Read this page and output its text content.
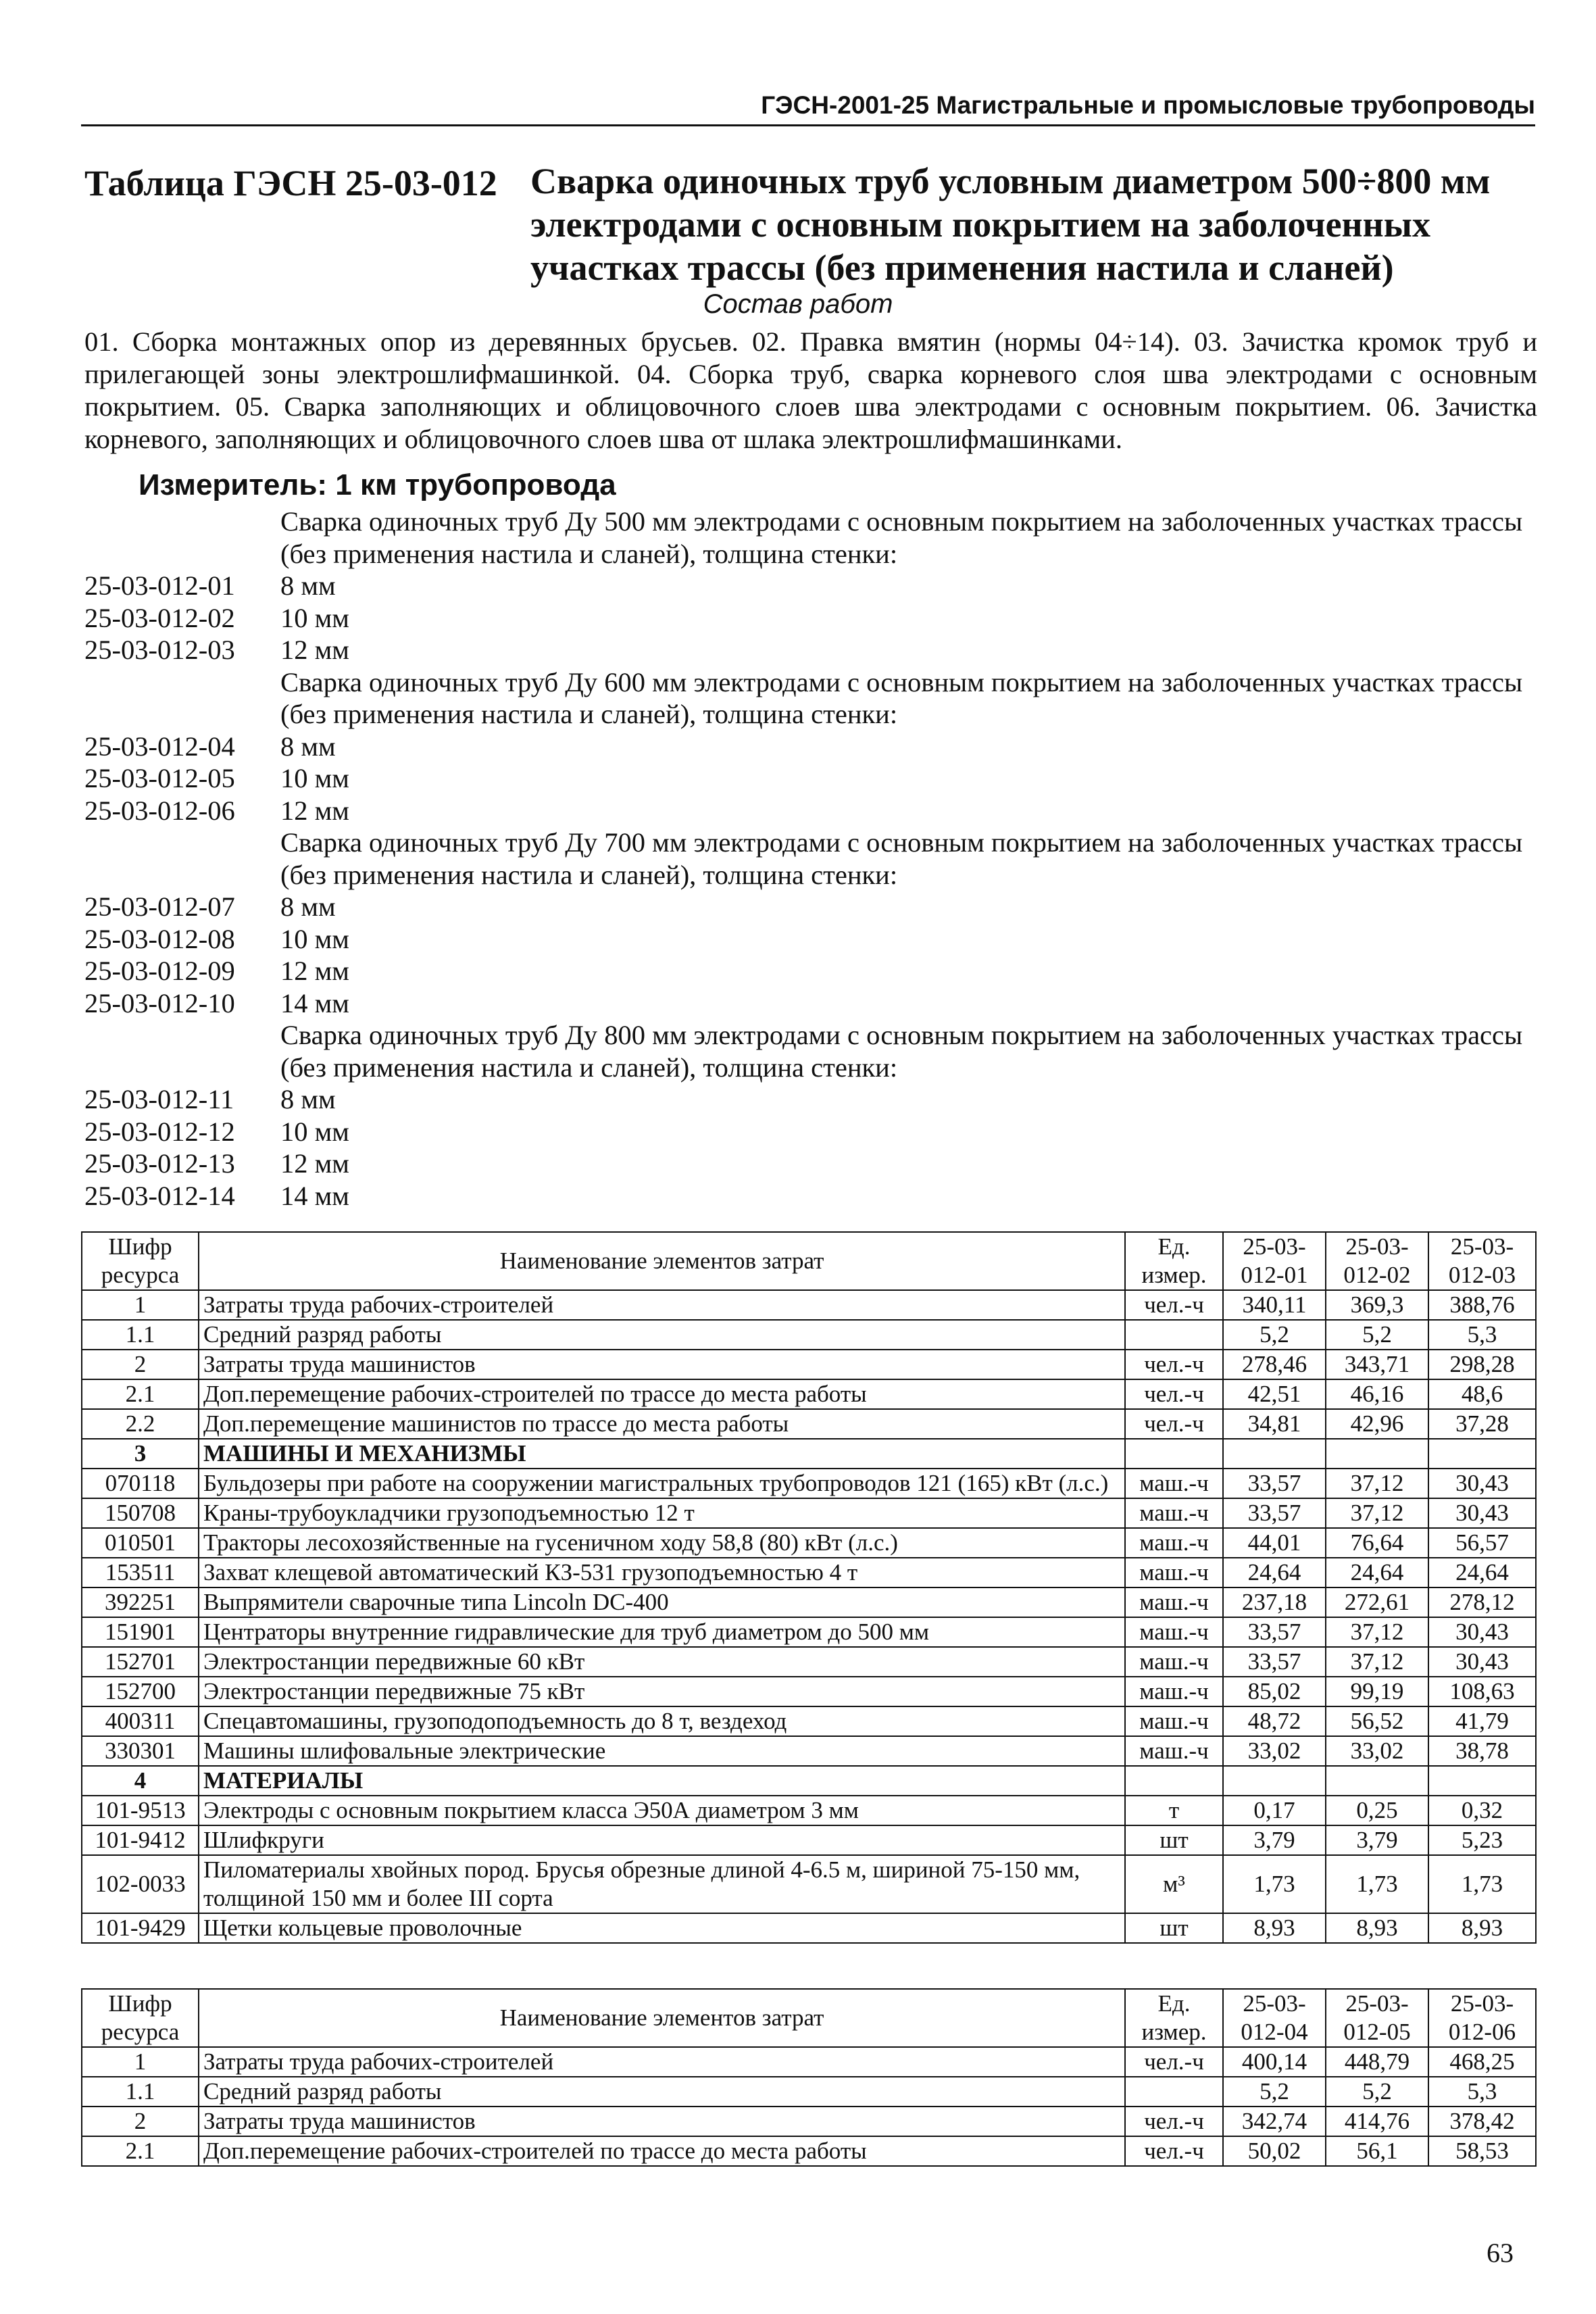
ГЭСН-2001-25 Магистральные и промысловые трубопроводы
Таблица ГЭСН 25-03-012 Сварка одиночных труб условным диаметром 500÷800 мм электродами с основным покрытием на заболоченных участках трассы (без применения настила и сланей)
Состав работ
01. Сборка монтажных опор из деревянных брусьев. 02. Правка вмятин (нормы 04÷14). 03. Зачистка кромок труб и прилегающей зоны электрошлифмашинкой. 04. Сборка труб, сварка корневого слоя шва электродами с основным покрытием. 05. Сварка заполняющих и облицовочного слоев шва электродами с основным покрытием. 06. Зачистка корневого, заполняющих и облицовочного слоев шва от шлака электрошлифмашинками.
Измеритель: 1 км трубопровода
Сварка одиночных труб Ду 500 мм электродами с основным покрытием на заболоченных участках трассы (без применения настила и сланей), толщина стенки:
25-03-012-01	8 мм
25-03-012-02	10 мм
25-03-012-03	12 мм
Сварка одиночных труб Ду 600 мм электродами с основным покрытием на заболоченных участках трассы (без применения настила и сланей), толщина стенки:
25-03-012-04	8 мм
25-03-012-05	10 мм
25-03-012-06	12 мм
Сварка одиночных труб Ду 700 мм электродами с основным покрытием на заболоченных участках трассы (без применения настила и сланей), толщина стенки:
25-03-012-07	8 мм
25-03-012-08	10 мм
25-03-012-09	12 мм
25-03-012-10	14 мм
Сварка одиночных труб Ду 800 мм электродами с основным покрытием на заболоченных участках трассы (без применения настила и сланей), толщина стенки:
25-03-012-11	8 мм
25-03-012-12	10 мм
25-03-012-13	12 мм
25-03-012-14	14 мм
Шифр ресурса	Наименование элементов затрат	Ед. измер.	25-03-012-01	25-03-012-02	25-03-012-03
1	Затраты труда рабочих-строителей	чел.-ч	340,11	369,3	388,76
1.1	Средний разряд работы		5,2	5,2	5,3
2	Затраты труда машинистов	чел.-ч	278,46	343,71	298,28
2.1	Доп.перемещение рабочих-строителей по трассе до места работы	чел.-ч	42,51	46,16	48,6
2.2	Доп.перемещение машинистов по трассе до места работы	чел.-ч	34,81	42,96	37,28
3	МАШИНЫ И МЕХАНИЗМЫ				
070118	Бульдозеры при работе на сооружении магистральных трубопроводов 121 (165) кВт (л.с.)	маш.-ч	33,57	37,12	30,43
150708	Краны-трубоукладчики грузоподъемностью 12 т	маш.-ч	33,57	37,12	30,43
010501	Тракторы лесохозяйственные на гусеничном ходу 58,8 (80) кВт (л.с.)	маш.-ч	44,01	76,64	56,57
153511	Захват клещевой автоматический КЗ-531 грузоподъемностью 4 т	маш.-ч	24,64	24,64	24,64
392251	Выпрямители сварочные типа Lincoln DC-400	маш.-ч	237,18	272,61	278,12
151901	Центраторы внутренние гидравлические для труб диаметром до 500 мм	маш.-ч	33,57	37,12	30,43
152701	Электростанции передвижные 60 кВт	маш.-ч	33,57	37,12	30,43
152700	Электростанции передвижные 75 кВт	маш.-ч	85,02	99,19	108,63
400311	Спецавтомашины, грузоподоподъемность до 8 т, вездеход	маш.-ч	48,72	56,52	41,79
330301	Машины шлифовальные электрические	маш.-ч	33,02	33,02	38,78
4	МАТЕРИАЛЫ				
101-9513	Электроды с основным покрытием класса Э50А диаметром 3 мм	т	0,17	0,25	0,32
101-9412	Шлифкруги	шт	3,79	3,79	5,23
102-0033	Пиломатериалы хвойных пород. Брусья обрезные длиной 4-6.5 м, шириной 75-150 мм, толщиной 150 мм и более III сорта	м³	1,73	1,73	1,73
101-9429	Щетки кольцевые проволочные	шт	8,93	8,93	8,93
Шифр ресурса	Наименование элементов затрат	Ед. измер.	25-03-012-04	25-03-012-05	25-03-012-06
1	Затраты труда рабочих-строителей	чел.-ч	400,14	448,79	468,25
1.1	Средний разряд работы		5,2	5,2	5,3
2	Затраты труда машинистов	чел.-ч	342,74	414,76	378,42
2.1	Доп.перемещение рабочих-строителей по трассе до места работы	чел.-ч	50,02	56,1	58,53
63
